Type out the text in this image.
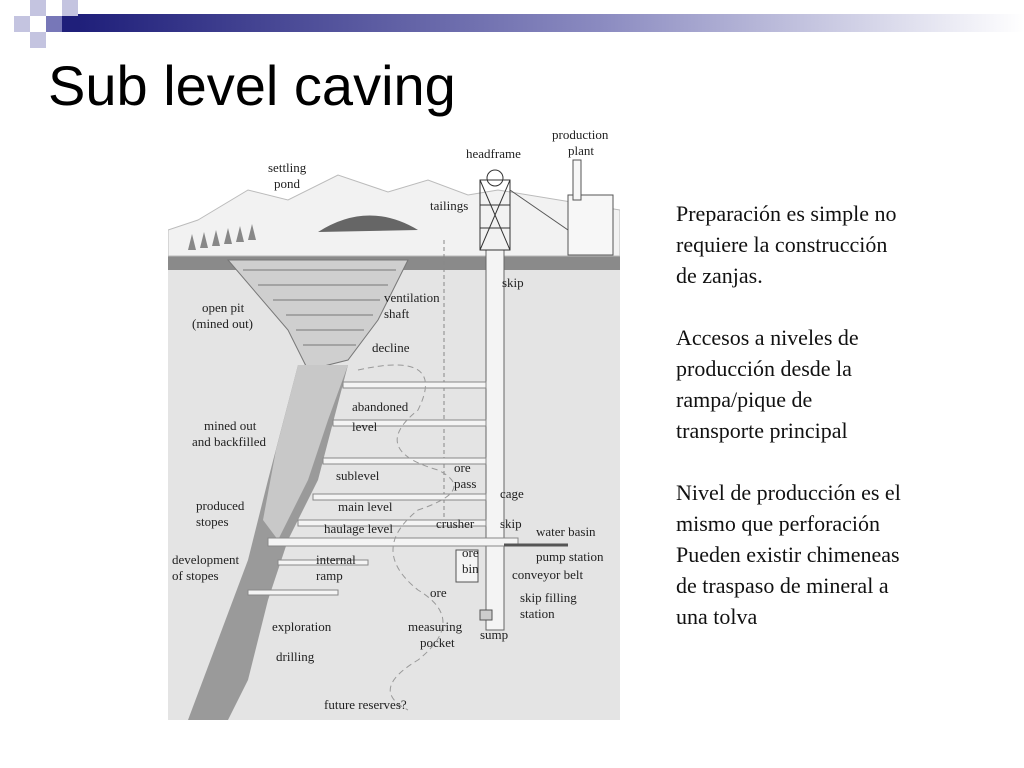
Sub level caving
production
plant
headframe
settling
pond
tailings
skip
open pit
(mined out)
ventilation
shaft
decline
abandoned
level
mined out
and backfilled
ore
pass
sublevel
cage
produced
stopes
main level
crusher skip
haulage level	water basin
development
of stopes
internal
ramp
ore
bin
pump station
conveyor belt
ore	skip filling
station
exploration	measuring
pocket
sump
drilling
future reserves?

Preparación es simple no
requiere la construcción
de zanjas.

Accesos a niveles de
producción desde la
rampa/pique de
transporte principal

Nivel de producción es el
mismo que perforación
Pueden existir chimeneas
de traspaso de mineral a
una tolva
